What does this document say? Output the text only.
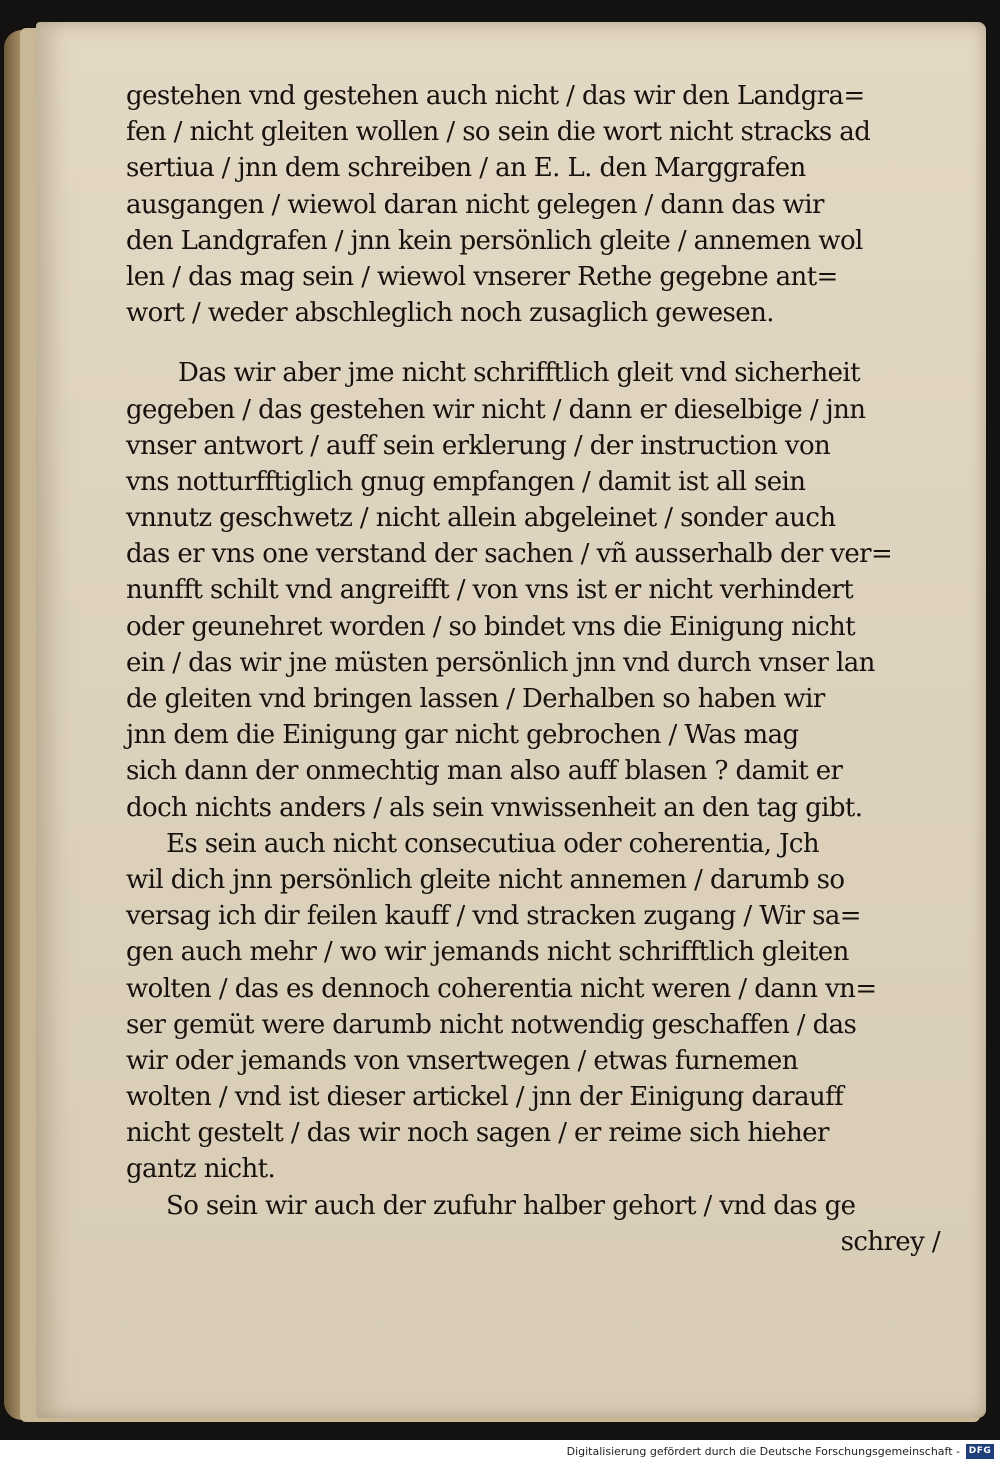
gestehen vnd gestehen auch nicht / das wir den Landgra=
fen / nicht gleiten wollen / so sein die wort nicht stracks ad
sertiua / jnn dem schreiben / an E. L. den Marggrafen
ausgangen / wiewol daran nicht gelegen / dann das wir
den Landgrafen / jnn kein persönlich gleite / annemen wol
len / das mag sein / wiewol vnserer Rethe gegebne ant=
wort / weder abschleglich noch zusaglich gewesen.
Das wir aber jme nicht schrifftlich gleit vnd sicherheit
gegeben / das gestehen wir nicht / dann er dieselbige / jnn
vnser antwort / auff sein erklerung / der instruction von
vns notturfftiglich gnug empfangen / damit ist all sein
vnnutz geschwetz / nicht allein abgeleinet / sonder auch
das er vns one verstand der sachen / vñ ausserhalb der ver=
nunfft schilt vnd angreifft / von vns ist er nicht verhindert
oder geunehret worden / so bindet vns die Einigung nicht
ein / das wir jne müsten persönlich jnn vnd durch vnser lan
de gleiten vnd bringen lassen / Derhalben so haben wir
jnn dem die Einigung gar nicht gebrochen / Was mag
sich dann der onmechtig man also auff blasen ? damit er
doch nichts anders / als sein vnwissenheit an den tag gibt.
Es sein auch nicht consecutiua oder coherentia, Jch
wil dich jnn persönlich gleite nicht annemen / darumb so
versag ich dir feilen kauff / vnd stracken zugang / Wir sa=
gen auch mehr / wo wir jemands nicht schrifftlich gleiten
wolten / das es dennoch coherentia nicht weren / dann vn=
ser gemüt were darumb nicht notwendig geschaffen / das
wir oder jemands von vnsertwegen / etwas furnemen
wolten / vnd ist dieser artickel / jnn der Einigung darauff
nicht gestelt / das wir noch sagen / er reime sich hieher
gantz nicht.
So sein wir auch der zufuhr halber gehort / vnd das ge
schrey /
Digitalisierung gefördert durch die Deutsche Forschungsgemeinschaft - DFG
